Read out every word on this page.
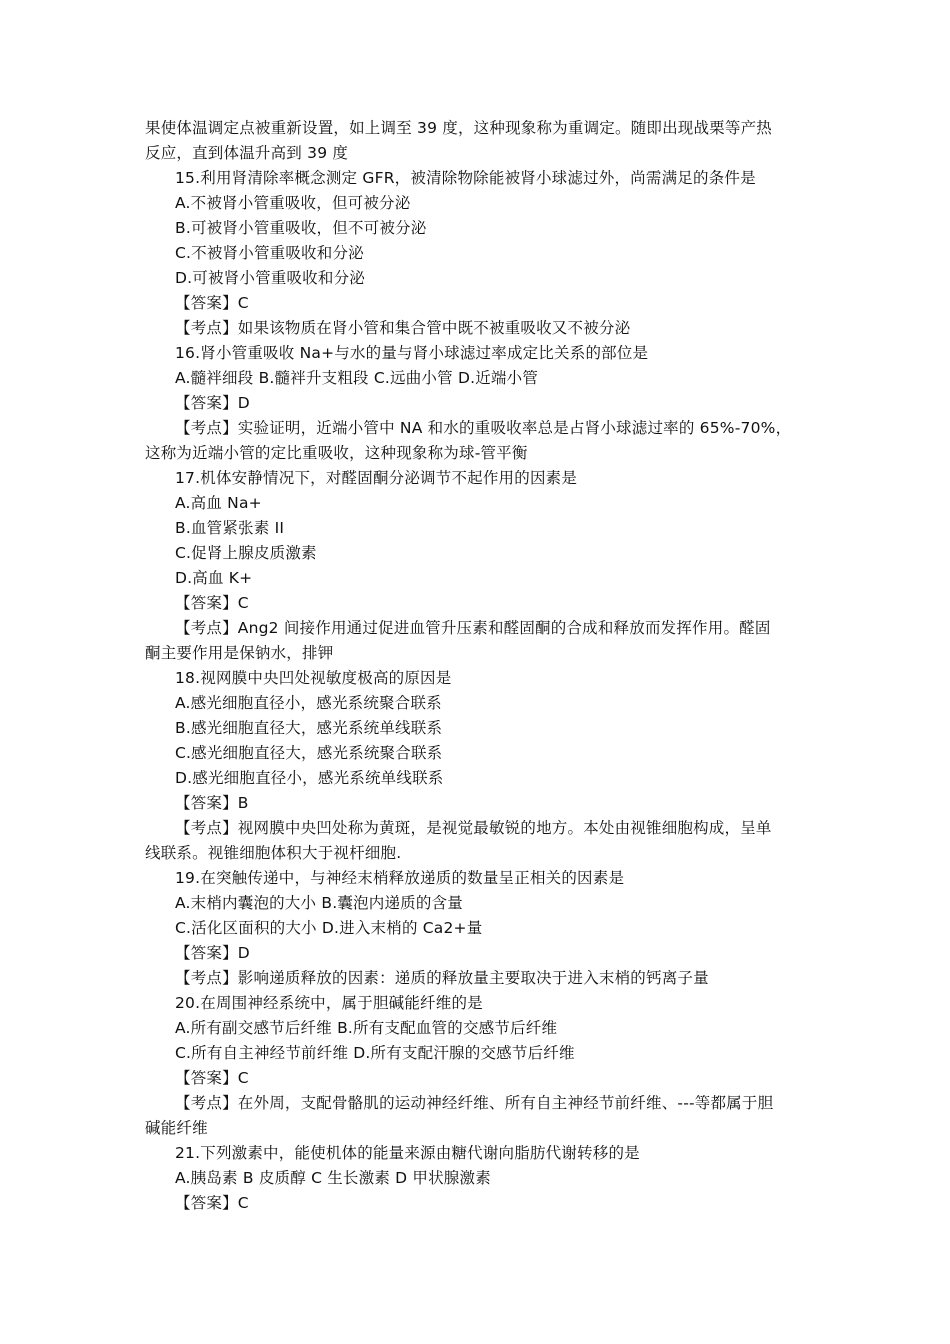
果使体温调定点被重新设置，如上调至 39 度，这种现象称为重调定。随即出现战栗等产热
反应，直到体温升高到 39 度
15.利用肾清除率概念测定 GFR，被清除物除能被肾小球滤过外，尚需满足的条件是
A.不被肾小管重吸收，但可被分泌
B.可被肾小管重吸收，但不可被分泌
C.不被肾小管重吸收和分泌
D.可被肾小管重吸收和分泌
【答案】C
【考点】如果该物质在肾小管和集合管中既不被重吸收又不被分泌
16.肾小管重吸收 Na+与水的量与肾小球滤过率成定比关系的部位是
A.髓袢细段 B.髓袢升支粗段 C.远曲小管 D.近端小管
【答案】D
【考点】实验证明，近端小管中 NA 和水的重吸收率总是占肾小球滤过率的 65%-70%，
这称为近端小管的定比重吸收，这种现象称为球-管平衡
17.机体安静情况下，对醛固酮分泌调节不起作用的因素是
A.高血 Na+
B.血管紧张素 II
C.促肾上腺皮质激素
D.高血 K+
【答案】C
【考点】Ang2 间接作用通过促进血管升压素和醛固酮的合成和释放而发挥作用。醛固
酮主要作用是保钠水，排钾
18.视网膜中央凹处视敏度极高的原因是
A.感光细胞直径小，感光系统聚合联系
B.感光细胞直径大，感光系统单线联系
C.感光细胞直径大，感光系统聚合联系
D.感光细胞直径小，感光系统单线联系
【答案】B
【考点】视网膜中央凹处称为黄斑，是视觉最敏锐的地方。本处由视锥细胞构成，呈单
线联系。视锥细胞体积大于视杆细胞.
19.在突触传递中，与神经末梢释放递质的数量呈正相关的因素是
A.末梢内囊泡的大小 B.囊泡内递质的含量
C.活化区面积的大小 D.进入末梢的 Ca2+量
【答案】D
【考点】影响递质释放的因素：递质的释放量主要取决于进入末梢的钙离子量
20.在周围神经系统中，属于胆碱能纤维的是
A.所有副交感节后纤维 B.所有支配血管的交感节后纤维
C.所有自主神经节前纤维 D.所有支配汗腺的交感节后纤维
【答案】C
【考点】在外周，支配骨骼肌的运动神经纤维、所有自主神经节前纤维、---等都属于胆
碱能纤维
21.下列激素中，能使机体的能量来源由糖代谢向脂肪代谢转移的是
A.胰岛素 B 皮质醇 C 生长激素 D 甲状腺激素
【答案】C
